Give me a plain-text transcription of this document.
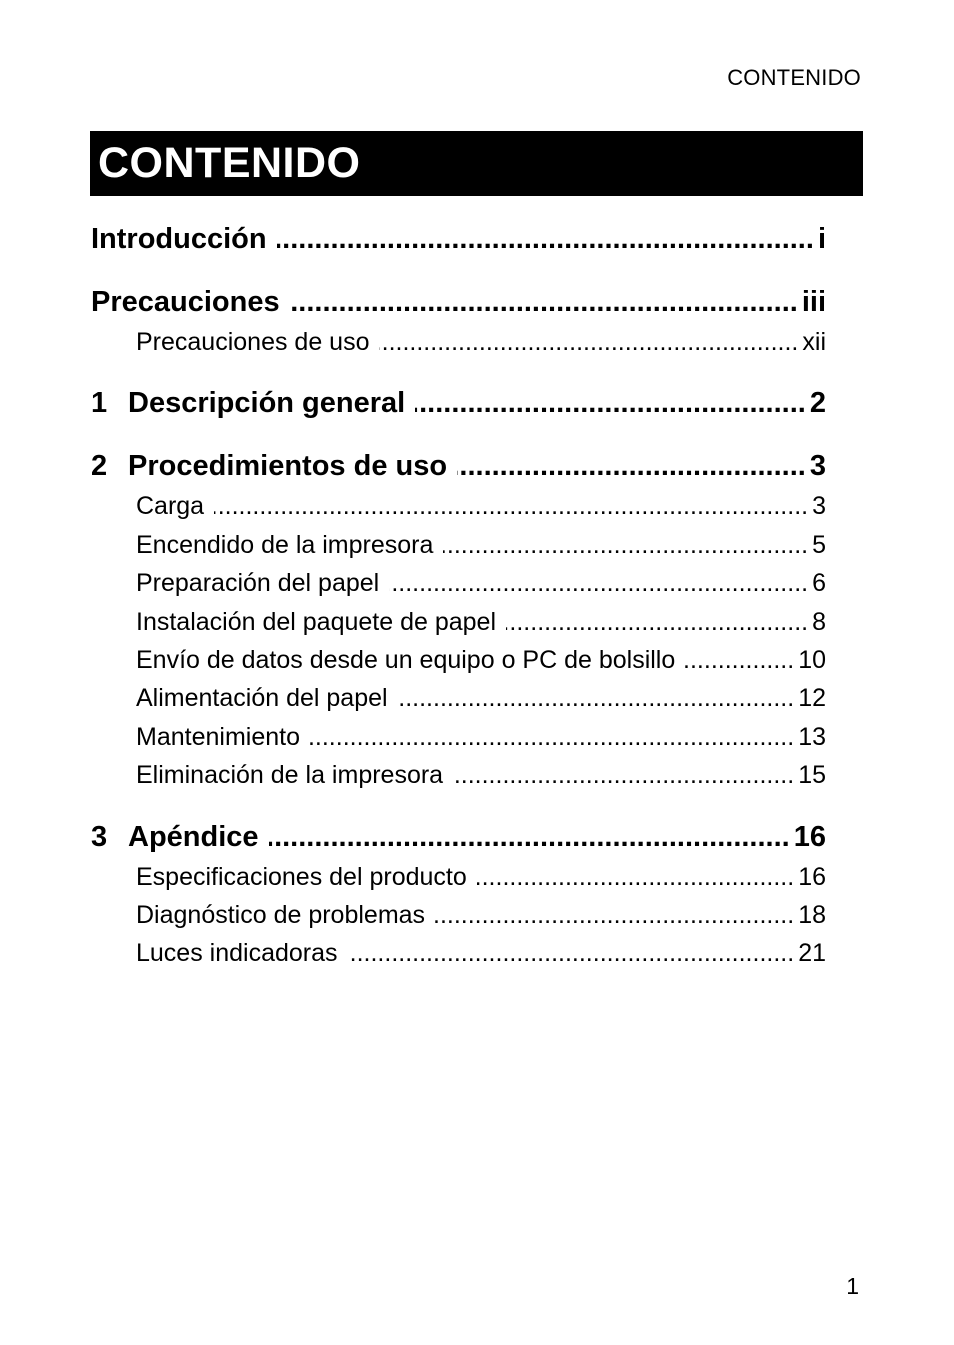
CONTENIDO
CONTENIDO
Introducción .....	i
Precauciones .....	iii
Precauciones de uso .....	xii
1 Descripción general .....	2
2 Procedimientos de uso .....	3
Carga .....	3
Encendido de la impresora .....	5
Preparación del papel .....	6
Instalación del paquete de papel .....	8
Envío de datos desde un equipo o PC de bolsillo .....	10
Alimentación del papel .....	12
Mantenimiento .....	13
Eliminación de la impresora .....	15
3 Apéndice .....	16
Especificaciones del producto .....	16
Diagnóstico de problemas .....	18
Luces indicadoras .....	21
1
